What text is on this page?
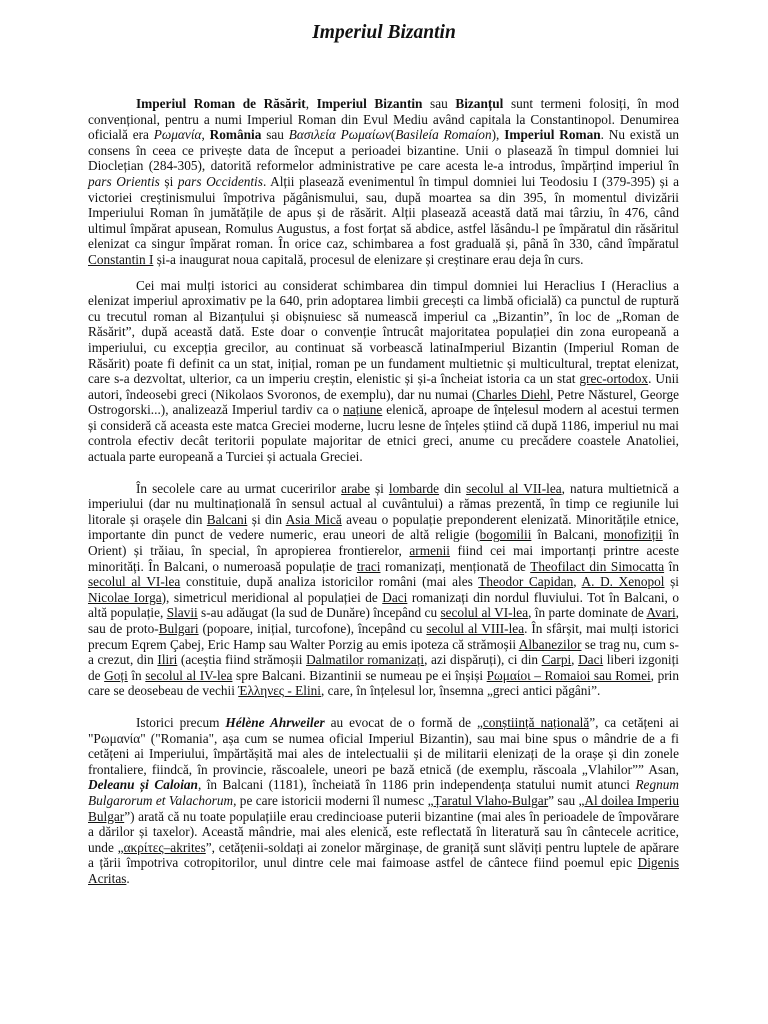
Imperiul Bizantin

Imperiul Roman de Răsărit, Imperiul Bizantin sau Bizanțul sunt termeni folosiți, în mod convențional, pentru a numi Imperiul Roman din Evul Mediu având capitala la Constantinopol. Denumirea oficială era Ρωμανία, România sau Βασιλεία Ρωμαίων(Basileía Romaíon), Imperiul Roman. Nu există un consens în ceea ce privește data de început a perioadei bizantine. Unii o plasează în timpul domniei lui Dioclețian (284-305), datorită reformelor administrative pe care acesta le-a introdus, împărțind imperiul în pars Orientis și pars Occidentis. Alții plasează evenimentul în timpul domniei lui Teodosiu I (379-395) și a victoriei creștinismului împotriva păgânismului, sau, după moartea sa din 395, în momentul divizării Imperiului Roman în jumătățile de apus și de răsărit. Alții plasează această dată mai târziu, în 476, când ultimul împărat apusean, Romulus Augustus, a fost forțat să abdice, astfel lăsându-l pe împăratul din răsăritul elenizat ca singur împărat roman. În orice caz, schimbarea a fost graduală și, până în 330, când împăratul Constantin I și-a inaugurat noua capitală, procesul de elenizare și creștinare erau deja în curs.

Cei mai mulți istorici au considerat schimbarea din timpul domniei lui Heraclius I (Heraclius a elenizat imperiul aproximativ pe la 640, prin adoptarea limbii grecești ca limbă oficială) ca punctul de ruptură cu trecutul roman al Bizanțului și obișnuiesc să numească imperiul ca „Bizantin”, în loc de „Roman de Răsărit”, după această dată. Este doar o convenție întrucât majoritatea populației din zona europeană a imperiului, cu excepția grecilor, au continuat să vorbească latinaImperiul Bizantin (Imperiul Roman de Răsărit) poate fi definit ca un stat, inițial, roman pe un fundament multietnic și multicultural, treptat elenizat, care s-a dezvoltat, ulterior, ca un imperiu creștin, elenistic și și-a încheiat istoria ca un stat grec-ortodox. Unii autori, îndeosebi greci (Nikolaos Svoronos, de exemplu), dar nu numai (Charles Diehl, Petre Năsturel, George Ostrogorski...), analizează Imperiul tardiv ca o națiune elenică, aproape de înțelesul modern al acestui termen și consideră că aceasta este matca Greciei moderne, lucru lesne de înțeles știind că după 1186, imperiul nu mai controla efectiv decât teritorii populate majoritar de etnici greci, anume cu precădere coastele Anatoliei, actuala parte europeană a Turciei și actuala Greciei.

În secolele care au urmat cuceririlor arabe și lombarde din secolul al VII-lea, natura multietnică a imperiului (dar nu multinațională în sensul actual al cuvântului) a rămas prezentă, în timp ce regiunile lui litorale și orașele din Balcani și din Asia Mică aveau o populație preponderent elenizată. Minoritățile etnice, importante din punct de vedere numeric, erau uneori de altă religie (bogomilii în Balcani, monofiziții în Orient) și trăiau, în special, în apropierea frontierelor, armenii fiind cei mai importanți printre aceste minorități. În Balcani, o numeroasă populație de traci romanizați, menționată de Theofilact din Simocatta în secolul al VI-lea constituie, după analiza istoricilor români (mai ales Theodor Capidan, A. D. Xenopol și Nicolae Iorga), simetricul meridional al populației de Daci romanizați din nordul fluviului. Tot în Balcani, o altă populație, Slavii s-au adăugat (la sud de Dunăre) începând cu secolul al VI-lea, în parte dominate de Avari, sau de proto-Bulgari (popoare, inițial, turcofone), începând cu secolul al VIII-lea. În sfârșit, mai mulți istorici precum Eqrem Çabej, Eric Hamp sau Walter Porzig au emis ipoteza că strămoșii Albanezilor se trag nu, cum s-a crezut, din Iliri (aceștia fiind strămoșii Dalmatilor romanizați, azi dispăruți), ci din Carpi, Daci liberi izgoniți de Goți în secolul al IV-lea spre Balcani. Bizantinii se numeau pe ei înșiși Ρωμαίοι – Romaioi sau Romei, prin care se deosebeau de vechii Έλληνες - Elini, care, în înțelesul lor, însemna „greci antici păgâni”.

Istorici precum Hélène Ahrweiler au evocat de o formă de „conștiință națională”, ca cetățeni ai "Ρωμανία" ("Romania", așa cum se numea oficial Imperiul Bizantin), sau mai bine spus o mândrie de a fi cetățeni ai Imperiului, împărtășită mai ales de intelectualii și de militarii elenizați de la orașe și din zonele frontaliere, fiindcă, în provincie, răscoalele, uneori pe bază etnică (de exemplu, răscoala „Vlahilor”” Asan, Deleanu și Caloian, în Balcani (1181), încheiată în 1186 prin independența statului numit atunci Regnum Bulgarorum et Valachorum, pe care istoricii moderni îl numesc „Țaratul Vlaho-Bulgar” sau „Al doilea Imperiu Bulgar”) arată că nu toate populațiile erau credincioase puterii bizantine (mai ales în perioadele de împovărare a dărilor și taxelor). Această mândrie, mai ales elenică, este reflectată în literatură sau în cântecele acritice, unde „ακρίτες–akrites”, cetățenii-soldați ai zonelor mărginașe, de graniță sunt slăviți pentru luptele de apărare a țării împotriva cotropitorilor, unul dintre cele mai faimoase astfel de cântece fiind poemul epic Digenis Acritas.
